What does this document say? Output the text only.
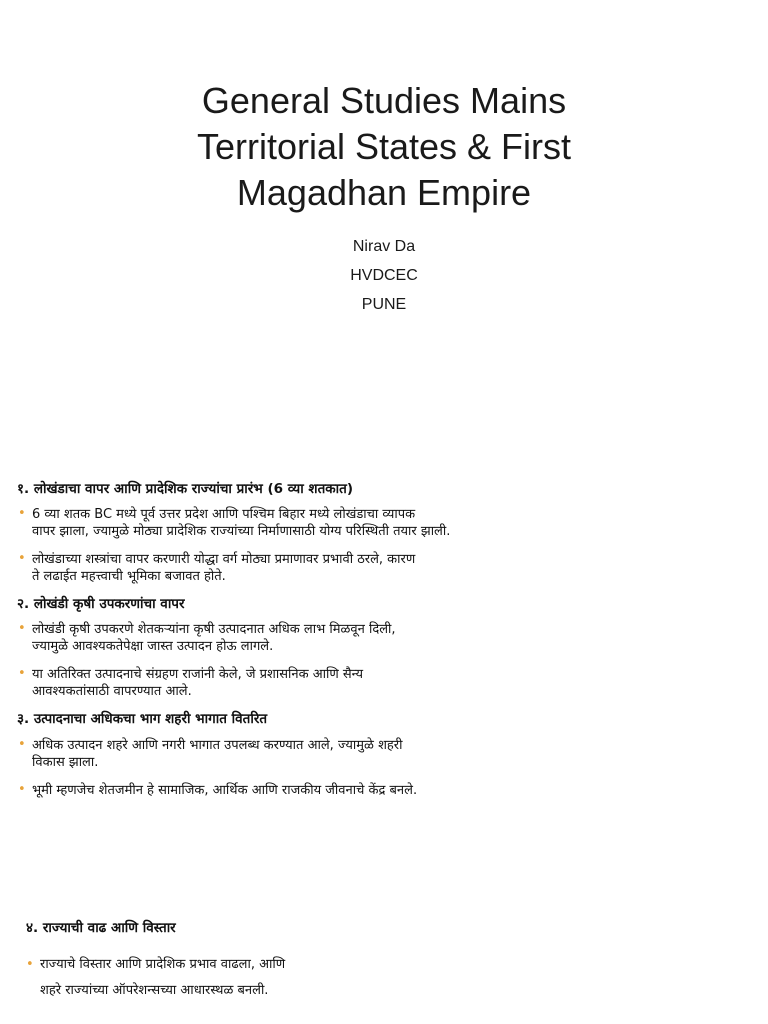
General Studies Mains
Territorial States & First
Magadhan Empire
Nirav Da
HVDCEC
PUNE
१. लोखंडाचा वापर आणि प्रादेशिक राज्यांचा प्रारंभ (6 व्या शतकात)
• 6 व्या शतक BC मध्ये पूर्व उत्तर प्रदेश आणि पश्चिम बिहार मध्ये लोखंडाचा व्यापक
वापर झाला, ज्यामुळे मोठ्या प्रादेशिक राज्यांच्या निर्माणासाठी योग्य परिस्थिती तयार झाली.
• लोखंडाच्या शस्त्रांचा वापर करणारी योद्धा वर्ग मोठ्या प्रमाणावर प्रभावी ठरले, कारण
ते लढाईत महत्त्वाची भूमिका बजावत होते.
२. लोखंडी कृषी उपकरणांचा वापर
• लोखंडी कृषी उपकरणे शेतकऱ्यांना कृषी उत्पादनात अधिक लाभ मिळवून दिली,
ज्यामुळे आवश्यकतेपेक्षा जास्त उत्पादन होऊ लागले.
• या अतिरिक्त उत्पादनाचे संग्रहण राजांनी केले, जे प्रशासनिक आणि सैन्य
आवश्यकतांसाठी वापरण्यात आले.
३. उत्पादनाचा अधिकचा भाग शहरी भागात वितरित
• अधिक उत्पादन शहरे आणि नगरी भागात उपलब्ध करण्यात आले, ज्यामुळे शहरी
विकास झाला.
• भूमी म्हणजेच शेतजमीन हे सामाजिक, आर्थिक आणि राजकीय जीवनाचे केंद्र बनले.
४. राज्याची वाढ आणि विस्तार
• राज्याचे विस्तार आणि प्रादेशिक प्रभाव वाढला, आणि
शहरे राज्यांच्या ऑपरेशन्सच्या आधारस्थळ बनली.
